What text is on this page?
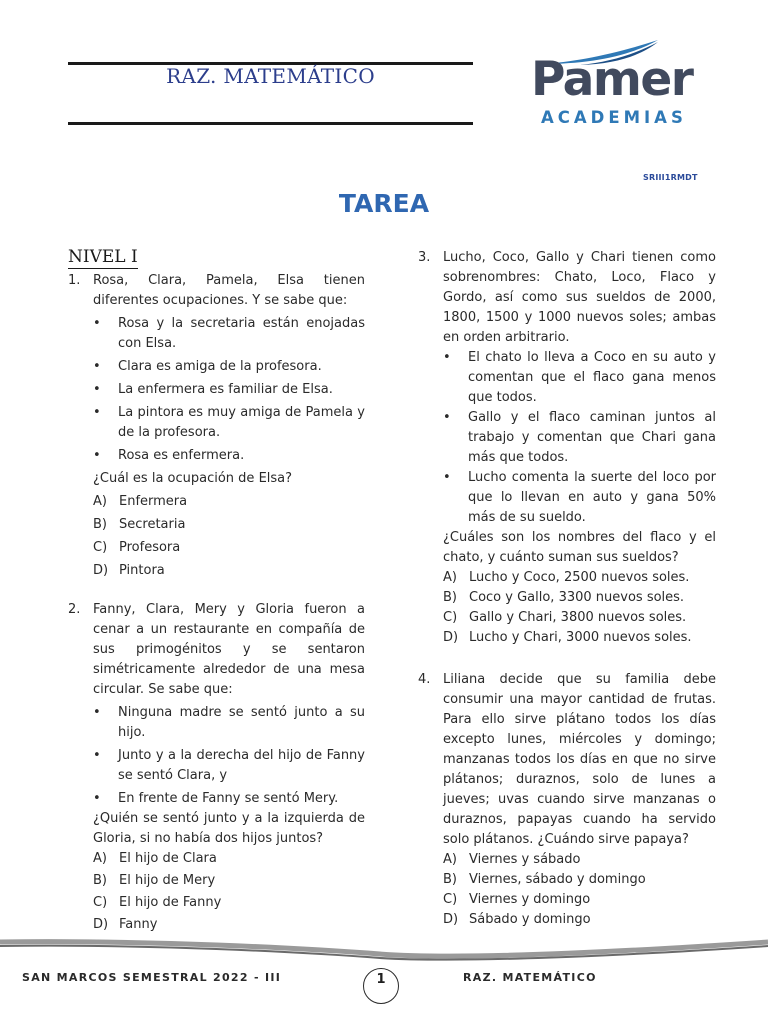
RAZ. MATEMÁTICO	Pamer
ACADEMIAS
SRIII1RMDT
TAREA
NIVEL I
1. Rosa, Clara, Pamela, Elsa tienen diferentes ocupaciones. Y se sabe que:
• Rosa y la secretaria están enojadas con Elsa.
• Clara es amiga de la profesora.
• La enfermera es familiar de Elsa.
• La pintora es muy amiga de Pamela y de la profesora.
• Rosa es enfermera.
¿Cuál es la ocupación de Elsa?
A) Enfermera
B) Secretaria
C) Profesora
D) Pintora
2. Fanny, Clara, Mery y Gloria fueron a cenar a un restaurante en compañía de sus primogénitos y se sentaron simétricamente alrededor de una mesa circular. Se sabe que:
• Ninguna madre se sentó junto a su hijo.
• Junto y a la derecha del hijo de Fanny se sentó Clara, y
• En frente de Fanny se sentó Mery.
¿Quién se sentó junto y a la izquierda de Gloria, si no había dos hijos juntos?
A) El hijo de Clara
B) El hijo de Mery
C) El hijo de Fanny
D) Fanny
3. Lucho, Coco, Gallo y Chari tienen como sobrenombres: Chato, Loco, Flaco y Gordo, así como sus sueldos de 2000, 1800, 1500 y 1000 nuevos soles; ambas en orden arbitrario.
• El chato lo lleva a Coco en su auto y comentan que el flaco gana menos que todos.
• Gallo y el flaco caminan juntos al trabajo y comentan que Chari gana más que todos.
• Lucho comenta la suerte del loco por que lo llevan en auto y gana 50% más de su sueldo.
¿Cuáles son los nombres del flaco y el chato, y cuánto suman sus sueldos?
A) Lucho y Coco, 2500 nuevos soles.
B) Coco y Gallo, 3300 nuevos soles.
C) Gallo y Chari, 3800 nuevos soles.
D) Lucho y Chari, 3000 nuevos soles.
4. Liliana decide que su familia debe consumir una mayor cantidad de frutas. Para ello sirve plátano todos los días excepto lunes, miércoles y domingo; manzanas todos los días en que no sirve plátanos; duraznos, solo de lunes a jueves; uvas cuando sirve manzanas o duraznos, papayas cuando ha servido solo plátanos. ¿Cuándo sirve papaya?
A) Viernes y sábado
B) Viernes, sábado y domingo
C) Viernes y domingo
D) Sábado y domingo
SAN MARCOS SEMESTRAL 2022 - III	1	RAZ. MATEMÁTICO
